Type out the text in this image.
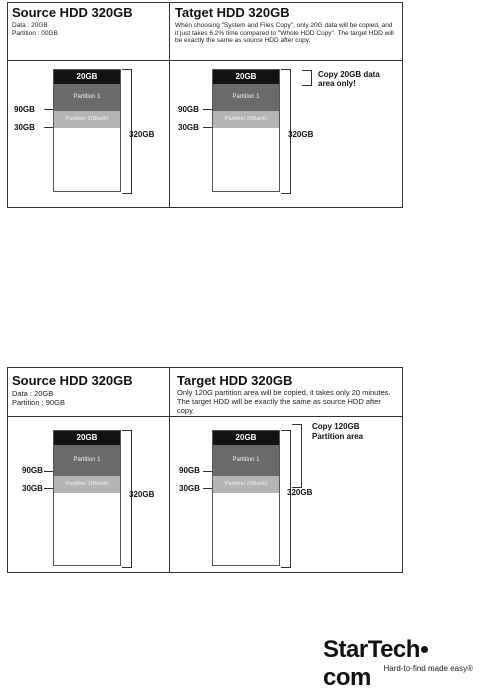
Source HDD 320GB
Data : 20GB
Partition : 00GB
Tatget HDD 320GB
When choosing "System and Files Copy", only 20G data will be copied, and it just takes 6.2% time compared to "Whole HDD Copy". The target HDD will be exactly the same as source HDD after copy.
20GB
Partition 1
Partition 2(Blank)
90GB
30GB
320GB
20GB
Partition 1
Partition 2(Blank)
90GB
30GB
320GB
Copy 20GB data area only!
Source HDD 320GB
Data : 20GB
Partition : 90GB
Target HDD 320GB
Only 120G partition area will be copied, it takes only 20 minutes. The target HDD will be exactly the same as source HDD after copy.
20GB
Partition 1
Partition 2(Blank)
90GB
30GB
320GB
20GB
Partition 1
Partition 2(Blank)
90GB
30GB	320GB
Copy 120GB Partition area
StarTechcom	Hard-to-find made easy®
